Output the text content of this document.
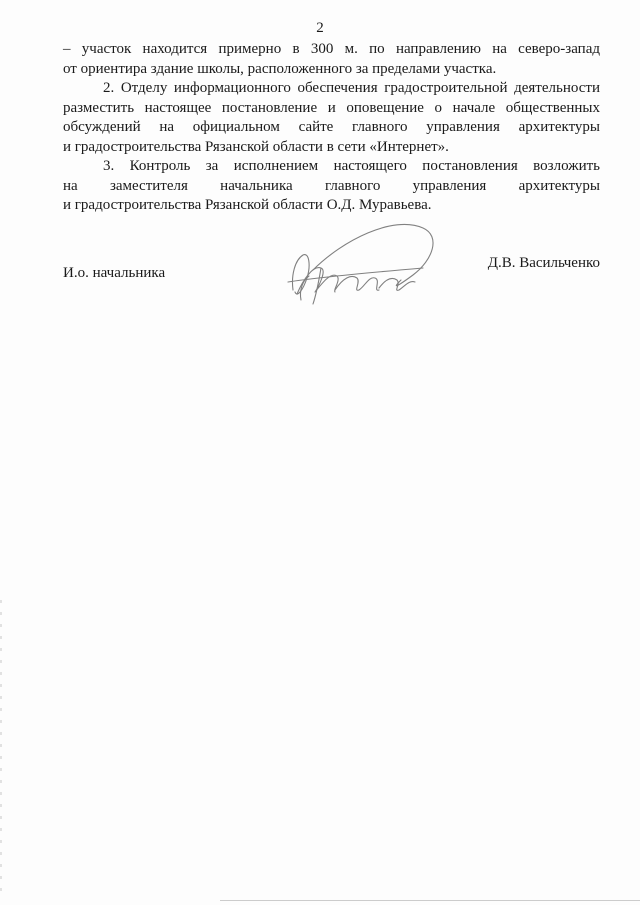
2

– участок находится примерно в 300 м. по направлению на северо-запад
от ориентира здание школы, расположенного за пределами участка.

2. Отделу информационного обеспечения градостроительной деятельности
разместить настоящее постановление и оповещение о начале общественных
обсуждений на официальном сайте главного управления архитектуры
и градостроительства Рязанской области в сети «Интернет».

3. Контроль за исполнением настоящего постановления возложить
на заместителя начальника главного управления архитектуры
и градостроительства Рязанской области О.Д. Муравьева.

И.о. начальника
Д.В. Васильченко
